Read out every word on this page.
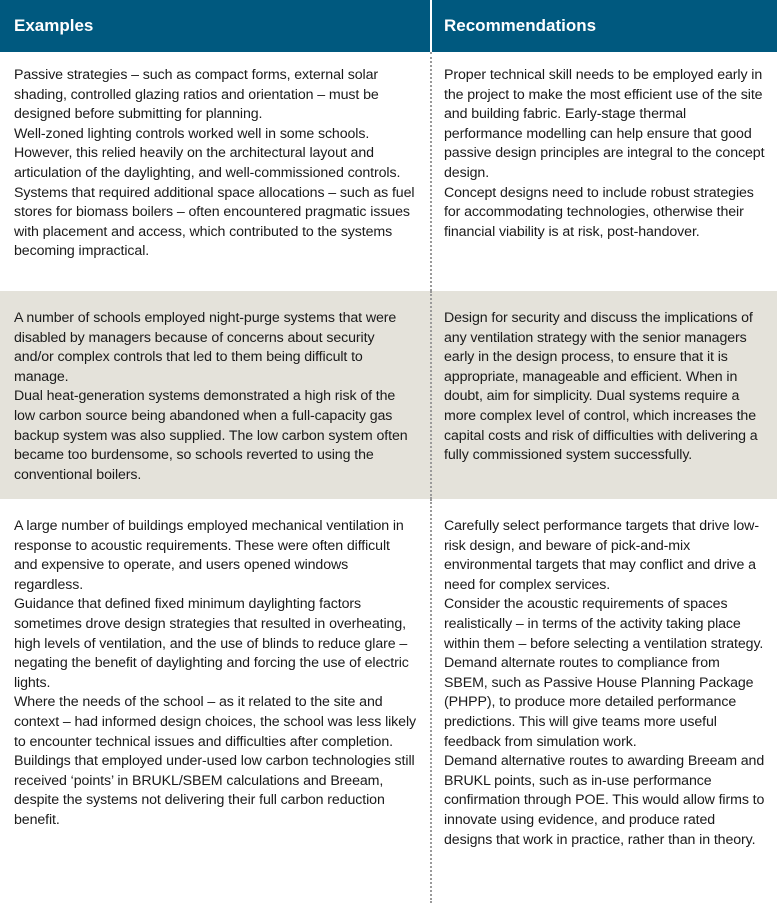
Examples	Recommendations

Passive strategies – such as compact forms, external solar shading, controlled glazing ratios and orientation – must be designed before submitting for planning.

Well-zoned lighting controls worked well in some schools. However, this relied heavily on the architectural layout and articulation of the daylighting, and well-commissioned controls.

Systems that required additional space allocations – such as fuel stores for biomass boilers – often encountered pragmatic issues with placement and access, which contributed to the systems becoming impractical.

Proper technical skill needs to be employed early in the project to make the most efficient use of the site and building fabric. Early-stage thermal performance modelling can help ensure that good passive design principles are integral to the concept design.

Concept designs need to include robust strategies for accommodating technologies, otherwise their financial viability is at risk, post-handover.

A number of schools employed night-purge systems that were disabled by managers because of concerns about security and/or complex controls that led to them being difficult to manage.

Dual heat-generation systems demonstrated a high risk of the low carbon source being abandoned when a full-capacity gas backup system was also supplied. The low carbon system often became too burdensome, so schools reverted to using the conventional boilers.

Design for security and discuss the implications of any ventilation strategy with the senior managers early in the design process, to ensure that it is appropriate, manageable and efficient. When in doubt, aim for simplicity. Dual systems require a more complex level of control, which increases the capital costs and risk of difficulties with delivering a fully commissioned system successfully.

A large number of buildings employed mechanical ventilation in response to acoustic requirements. These were often difficult and expensive to operate, and users opened windows regardless.

Guidance that defined fixed minimum daylighting factors sometimes drove design strategies that resulted in overheating, high levels of ventilation, and the use of blinds to reduce glare – negating the benefit of daylighting and forcing the use of electric lights.

Where the needs of the school – as it related to the site and context – had informed design choices, the school was less likely to encounter technical issues and difficulties after completion.

Buildings that employed under-used low carbon technologies still received ‘points’ in BRUKL/SBEM calculations and Breeam, despite the systems not delivering their full carbon reduction benefit.

Carefully select performance targets that drive low-risk design, and beware of pick-and-mix environmental targets that may conflict and drive a need for complex services.

Consider the acoustic requirements of spaces realistically – in terms of the activity taking place within them – before selecting a ventilation strategy.

Demand alternate routes to compliance from SBEM, such as Passive House Planning Package (PHPP), to produce more detailed performance predictions. This will give teams more useful feedback from simulation work.

Demand alternative routes to awarding Breeam and BRUKL points, such as in-use performance confirmation through POE. This would allow firms to innovate using evidence, and produce rated designs that work in practice, rather than in theory.
